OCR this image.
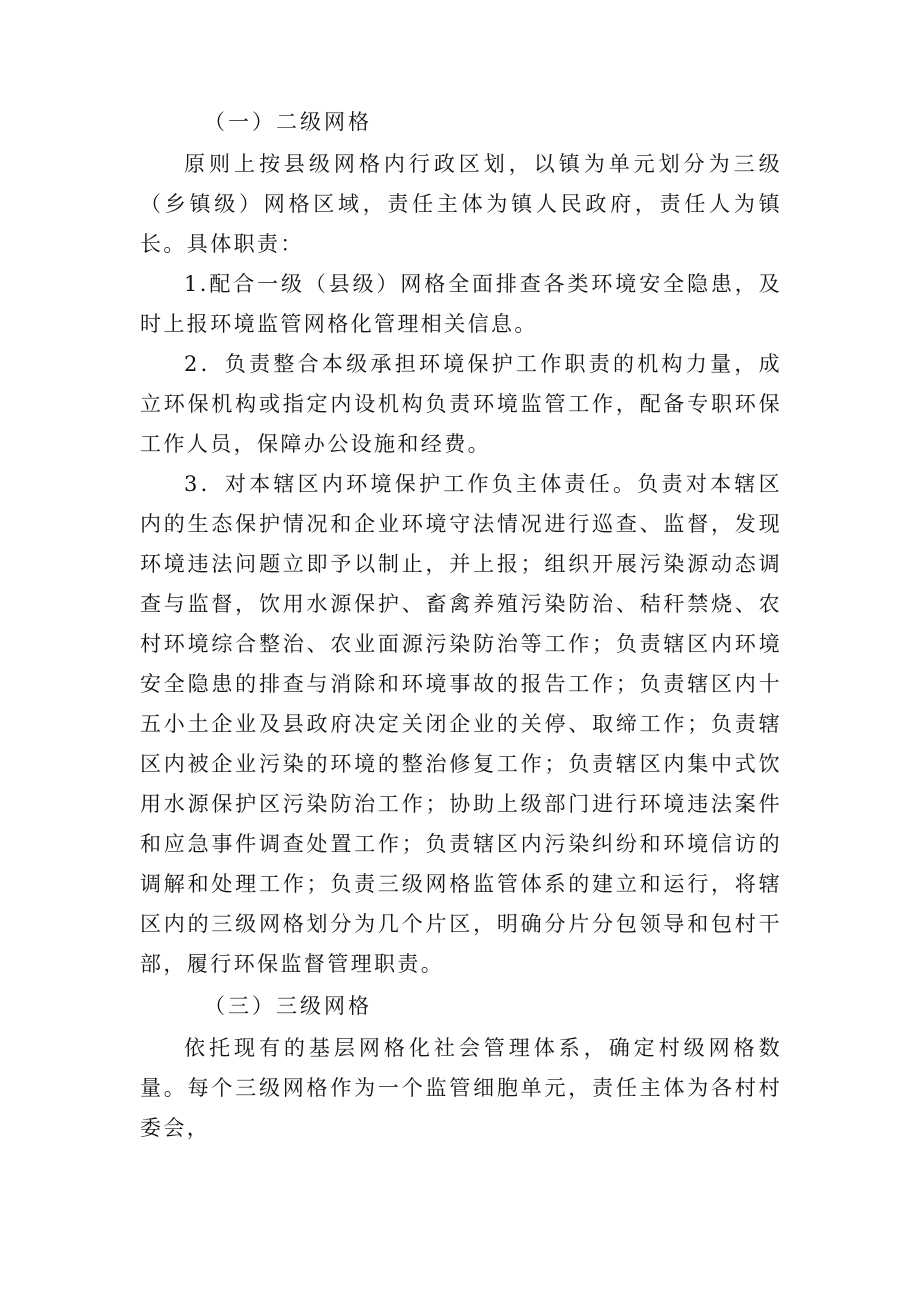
（一）二级网格

原则上按县级网格内行政区划，以镇为单元划分为三级（乡镇级）网格区域，责任主体为镇人民政府，责任人为镇长。具体职责：

1.配合一级（县级）网格全面排查各类环境安全隐患，及时上报环境监管网格化管理相关信息。

2．负责整合本级承担环境保护工作职责的机构力量，成立环保机构或指定内设机构负责环境监管工作，配备专职环保工作人员，保障办公设施和经费。

3．对本辖区内环境保护工作负主体责任。负责对本辖区内的生态保护情况和企业环境守法情况进行巡查、监督，发现环境违法问题立即予以制止，并上报；组织开展污染源动态调查与监督，饮用水源保护、畜禽养殖污染防治、秸秆禁烧、农村环境综合整治、农业面源污染防治等工作；负责辖区内环境安全隐患的排查与消除和环境事故的报告工作；负责辖区内十五小土企业及县政府决定关闭企业的关停、取缔工作；负责辖区内被企业污染的环境的整治修复工作；负责辖区内集中式饮用水源保护区污染防治工作；协助上级部门进行环境违法案件和应急事件调查处置工作；负责辖区内污染纠纷和环境信访的调解和处理工作；负责三级网格监管体系的建立和运行，将辖区内的三级网格划分为几个片区，明确分片分包领导和包村干部，履行环保监督管理职责。

（三）三级网格

依托现有的基层网格化社会管理体系，确定村级网格数量。每个三级网格作为一个监管细胞单元，责任主体为各村村委会，
